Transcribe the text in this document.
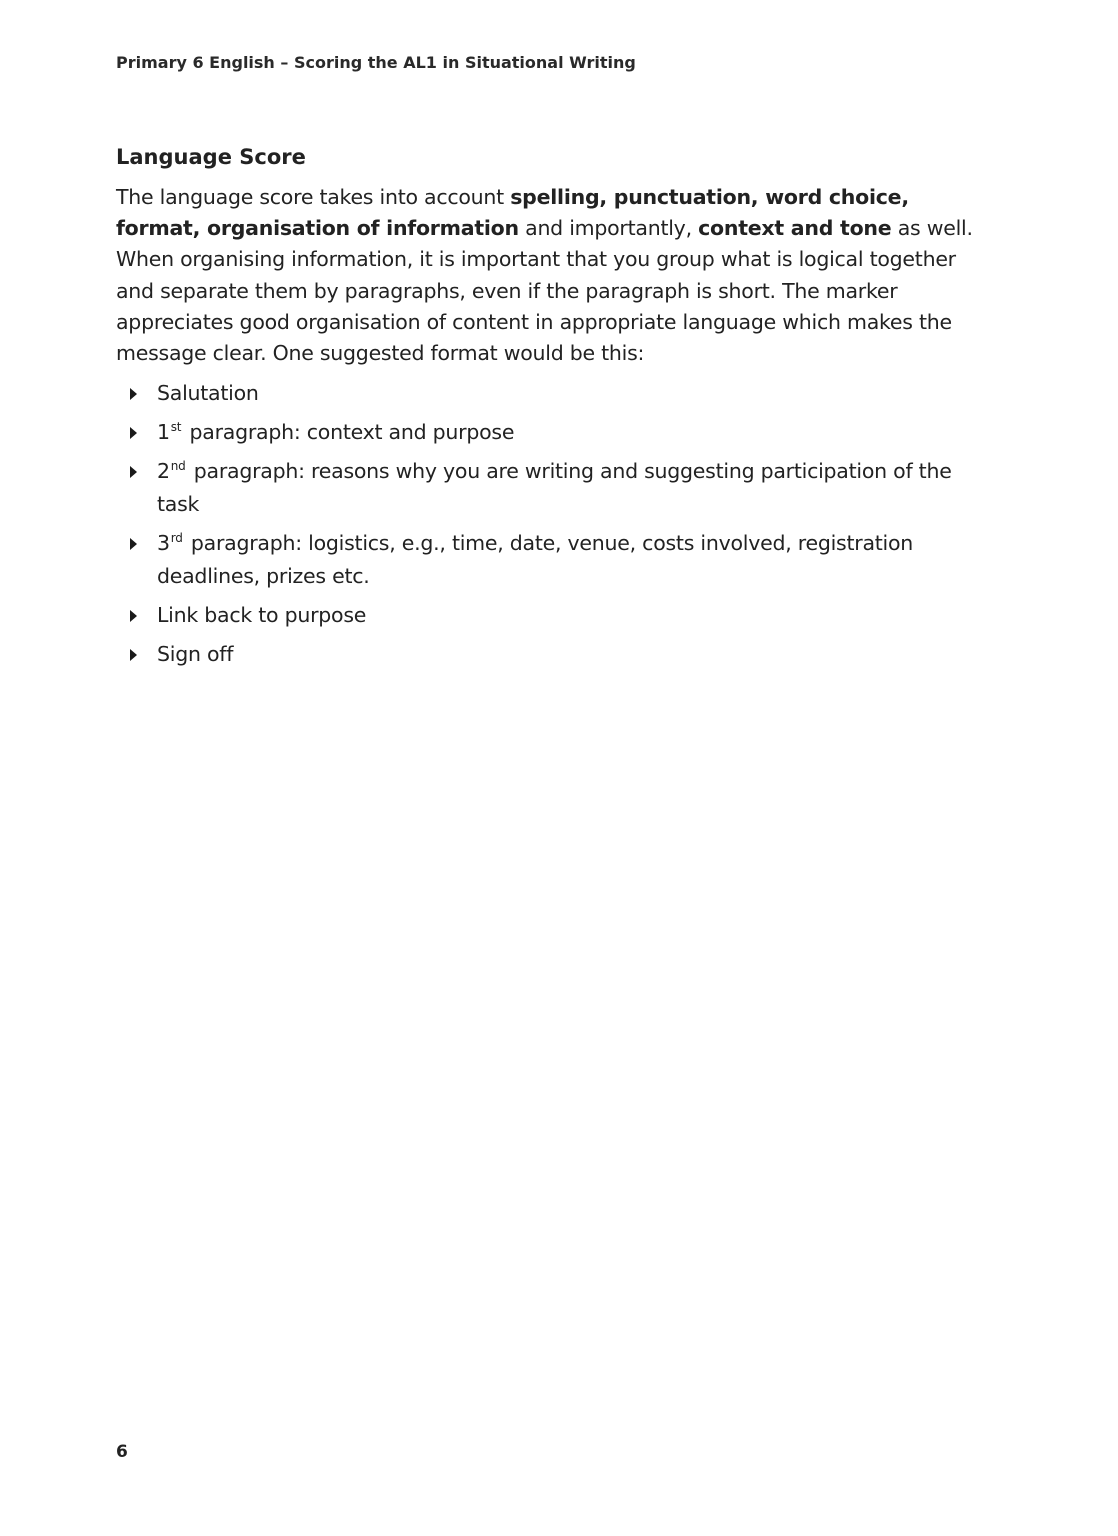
Primary 6 English – Scoring the AL1 in Situational Writing
Language Score

The language score takes into account spelling, punctuation, word choice, format, organisation of information and importantly, context and tone as well. When organising information, it is important that you group what is logical together and separate them by paragraphs, even if the paragraph is short. The marker appreciates good organisation of content in appropriate language which makes the message clear. One suggested format would be this:

Salutation
1st paragraph: context and purpose
2nd paragraph: reasons why you are writing and suggesting participation of the task
3rd paragraph: logistics, e.g., time, date, venue, costs involved, registration deadlines, prizes etc.
Link back to purpose
Sign off
6
